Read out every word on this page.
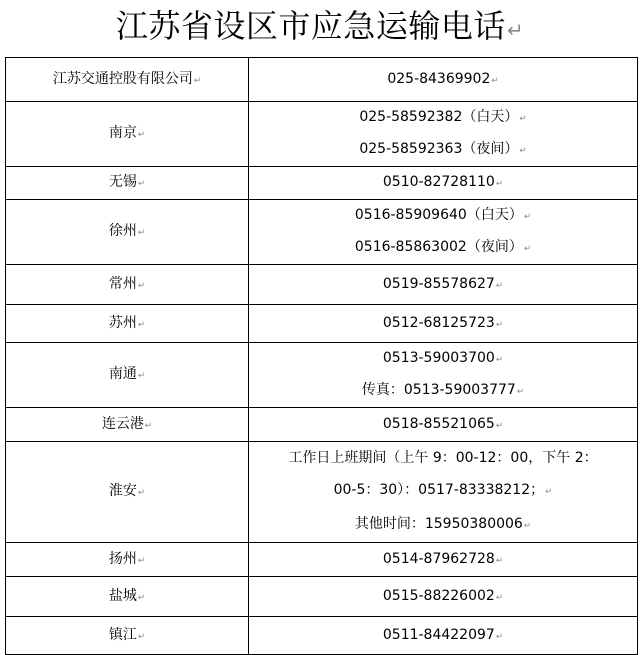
江苏省设区市应急运输电话↵
江苏交通控股有限公司↵	025-84369902↵

南京↵	025-58592382（白天）↵
025-58592363（夜间）↵

无锡↵	0510-82728110↵

徐州↵	0516-85909640（白天）↵
0516-85863002（夜间）↵

常州↵	0519-85578627↵

苏州↵	0512-68125723↵

南通↵	0513-59003700↵
传真：0513-59003777↵

连云港↵	0518-85521065↵

淮安↵	工作日上班期间（上午 9：00-12：00，下午 2：
00-5：30）：0517-83338212；↵
其他时间：15950380006↵

扬州↵	0514-87962728↵

盐城↵	0515-88226002↵

镇江↵	0511-84422097↵
